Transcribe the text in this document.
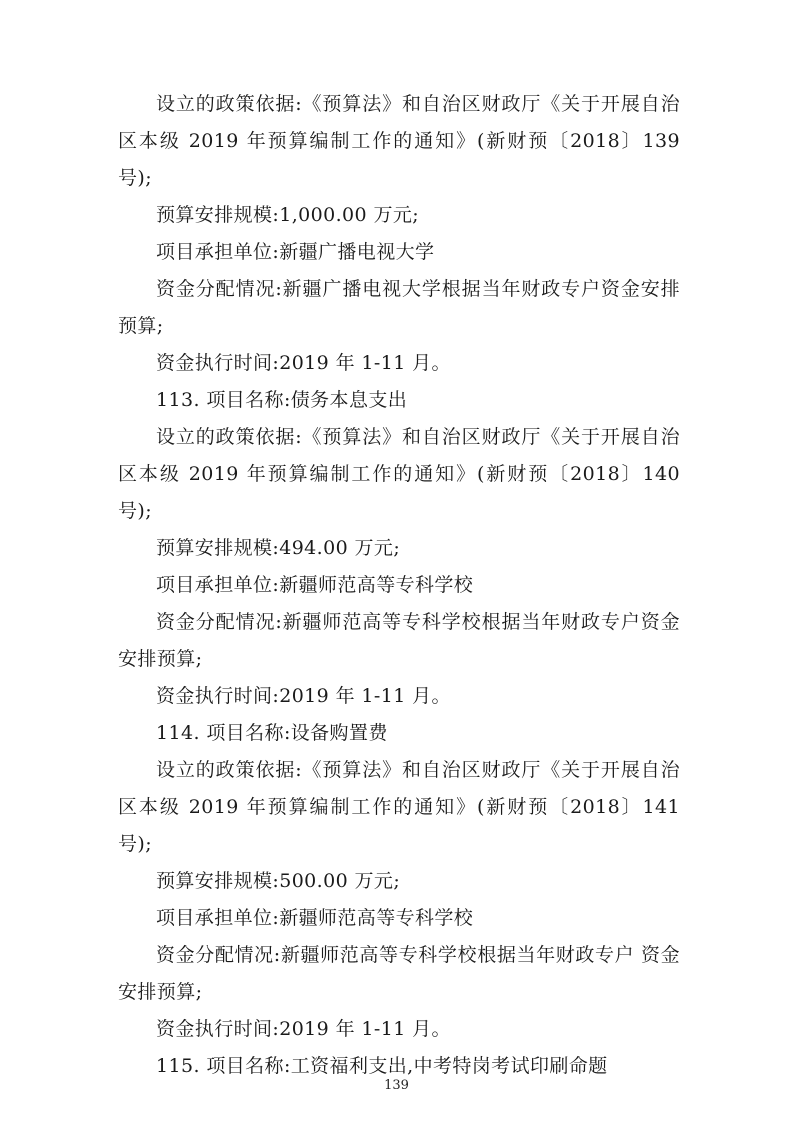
设立的政策依据:《预算法》和自治区财政厅《关于开展自治区本级 2019 年预算编制工作的通知》(新财预〔2018〕139 号);

预算安排规模:1,000.00 万元;

项目承担单位:新疆广播电视大学

资金分配情况:新疆广播电视大学根据当年财政专户资金安排预算;

资金执行时间:2019 年 1-11 月。

113. 项目名称:债务本息支出

设立的政策依据:《预算法》和自治区财政厅《关于开展自治区本级 2019 年预算编制工作的通知》(新财预〔2018〕140 号);

预算安排规模:494.00 万元;

项目承担单位:新疆师范高等专科学校

资金分配情况:新疆师范高等专科学校根据当年财政专户资金安排预算;

资金执行时间:2019 年 1-11 月。

114. 项目名称:设备购置费

设立的政策依据:《预算法》和自治区财政厅《关于开展自治区本级 2019 年预算编制工作的通知》(新财预〔2018〕141 号);

预算安排规模:500.00 万元;

项目承担单位:新疆师范高等专科学校

资金分配情况:新疆师范高等专科学校根据当年财政专户 资金安排预算;

资金执行时间:2019 年 1-11 月。

115. 项目名称:工资福利支出,中考特岗考试印刷命题

139
